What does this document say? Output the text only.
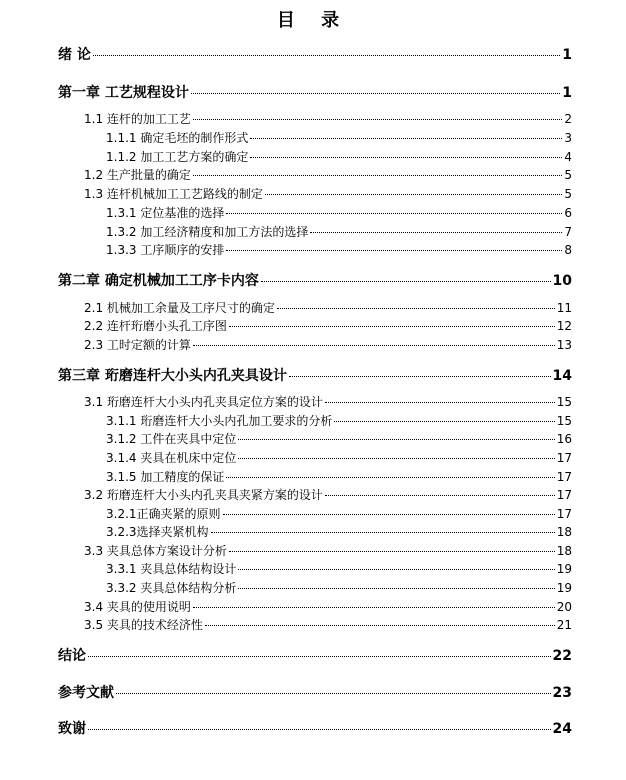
目 录
绪 论	1
第一章 工艺规程设计	1
1.1 连杆的加工工艺	2
1.1.1 确定毛坯的制作形式	3
1.1.2 加工工艺方案的确定	4
1.2 生产批量的确定	5
1.3 连杆机械加工工艺路线的制定	5
1.3.1 定位基准的选择	6
1.3.2 加工经济精度和加工方法的选择	7
1.3.3 工序顺序的安排	8
第二章 确定机械加工工序卡内容	10
2.1 机械加工余量及工序尺寸的确定	11
2.2 连杆珩磨小头孔工序图	12
2.3 工时定额的计算	13
第三章 珩磨连杆大小头内孔夹具设计	14
3.1 珩磨连杆大小头内孔夹具定位方案的设计	15
3.1.1 珩磨连杆大小头内孔加工要求的分析	15
3.1.2 工件在夹具中定位	16
3.1.4 夹具在机床中定位	17
3.1.5 加工精度的保证	17
3.2 珩磨连杆大小头内孔夹具夹紧方案的设计	17
3.2.1正确夹紧的原则	17
3.2.3选择夹紧机构	18
3.3 夹具总体方案设计分析	18
3.3.1 夹具总体结构设计	19
3.3.2 夹具总体结构分析	19
3.4 夹具的使用说明	20
3.5 夹具的技术经济性	21
结论	22
参考文献	23
致谢	24
